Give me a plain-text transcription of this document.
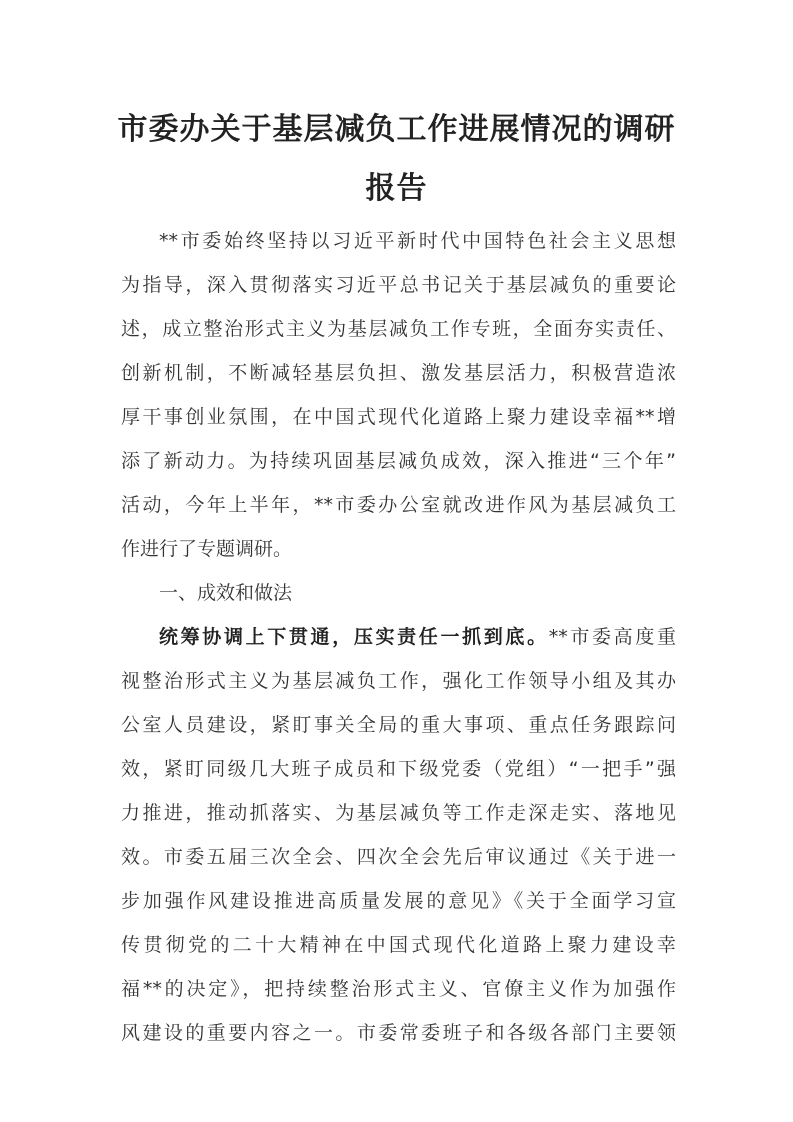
市委办关于基层减负工作进展情况的调研
报告
**市委始终坚持以习近平新时代中国特色社会主义思想
为指导，深入贯彻落实习近平总书记关于基层减负的重要论
述，成立整治形式主义为基层减负工作专班，全面夯实责任、
创新机制，不断减轻基层负担、激发基层活力，积极营造浓
厚干事创业氛围，在中国式现代化道路上聚力建设幸福**增
添了新动力。为持续巩固基层减负成效，深入推进“三个年”
活动，今年上半年，**市委办公室就改进作风为基层减负工
作进行了专题调研。
一、成效和做法
统筹协调上下贯通，压实责任一抓到底。**市委高度重
视整治形式主义为基层减负工作，强化工作领导小组及其办
公室人员建设，紧盯事关全局的重大事项、重点任务跟踪问
效，紧盯同级几大班子成员和下级党委（党组）“一把手”强
力推进，推动抓落实、为基层减负等工作走深走实、落地见
效。市委五届三次全会、四次全会先后审议通过《关于进一
步加强作风建设推进高质量发展的意见》《关于全面学习宣
传贯彻党的二十大精神在中国式现代化道路上聚力建设幸
福**的决定》，把持续整治形式主义、官僚主义作为加强作
风建设的重要内容之一。市委常委班子和各级各部门主要领
